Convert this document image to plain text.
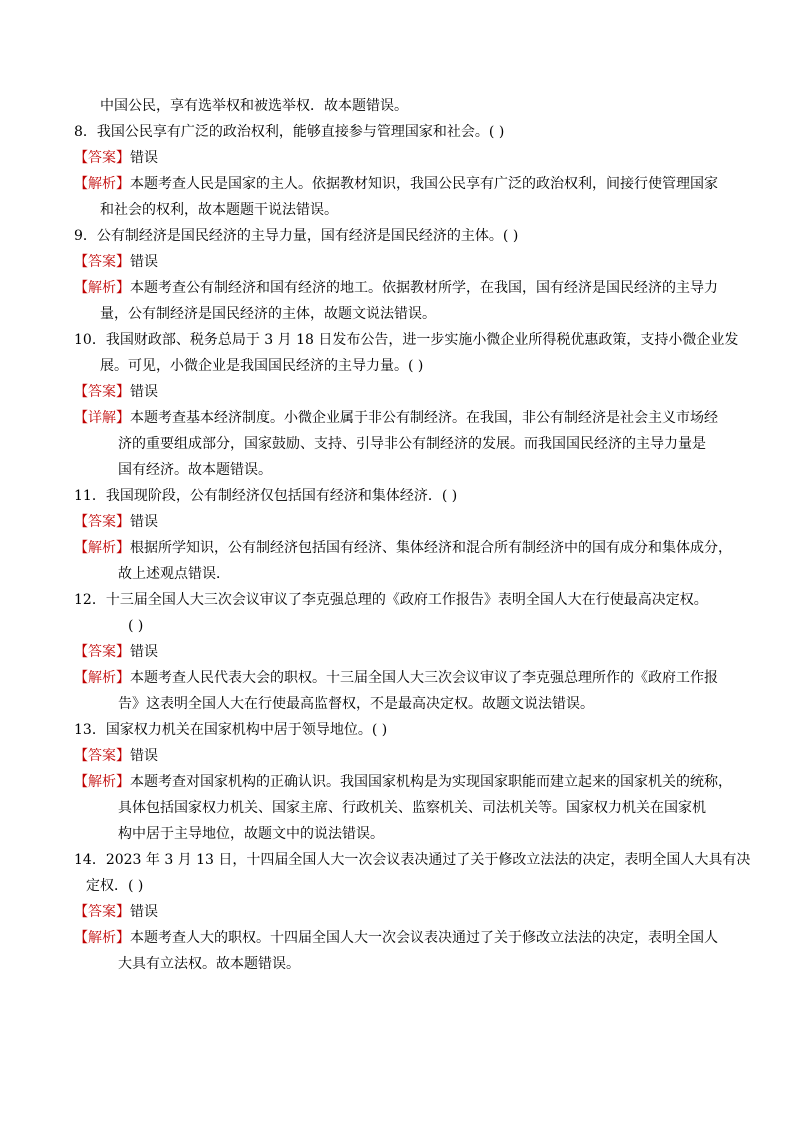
中国公民，享有选举权和被选举权．故本题错误。
8．我国公民享有广泛的政治权利，能够直接参与管理国家和社会。( )
【答案】 错误
【解析】 本题考查人民是国家的主人。依据教材知识，我国公民享有广泛的政治权利，间接行使管理国家
和社会的权利，故本题题干说法错误。
9．公有制经济是国民经济的主导力量，国有经济是国民经济的主体。( )
【答案】 错误
【解析】 本题考查公有制经济和国有经济的地工。依据教材所学，在我国，国有经济是国民经济的主导力
量，公有制经济是国民经济的主体，故题文说法错误。
10．我国财政部、税务总局于 3 月 18 日发布公告，进一步实施小微企业所得税优惠政策，支持小微企业发
展。可见，小微企业是我国国民经济的主导力量。( )
【答案】 错误
【详解】 本题考查基本经济制度。小微企业属于非公有制经济。在我国，非公有制经济是社会主义市场经
济的重要组成部分，国家鼓励、支持、引导非公有制经济的发展。而我国国民经济的主导力量是
国有经济。故本题错误。
11．我国现阶段，公有制经济仅包括国有经济和集体经济．( )
【答案】 错误
【解析】 根据所学知识，公有制经济包括国有经济、集体经济和混合所有制经济中的国有成分和集体成分，
故上述观点错误．
12．十三届全国人大三次会议审议了李克强总理的《政府工作报告》表明全国人大在行使最高决定权。
( )
【答案】 错误
【解析】 本题考查人民代表大会的职权。十三届全国人大三次会议审议了李克强总理所作的《政府工作报
告》这表明全国人大在行使最高监督权，不是最高决定权。故题文说法错误。
13．国家权力机关在国家机构中居于领导地位。( )
【答案】 错误
【解析】 本题考查对国家机构的正确认识。我国国家机构是为实现国家职能而建立起来的国家机关的统称，
具体包括国家权力机关、国家主席、行政机关、监察机关、司法机关等。国家权力机关在国家机
构中居于主导地位，故题文中的说法错误。
14．2023 年 3 月 13 日，十四届全国人大一次会议表决通过了关于修改立法法的决定，表明全国人大具有决
定权．( )
【答案】 错误
【解析】 本题考查人大的职权。十四届全国人大一次会议表决通过了关于修改立法法的决定，表明全国人
大具有立法权。故本题错误。
